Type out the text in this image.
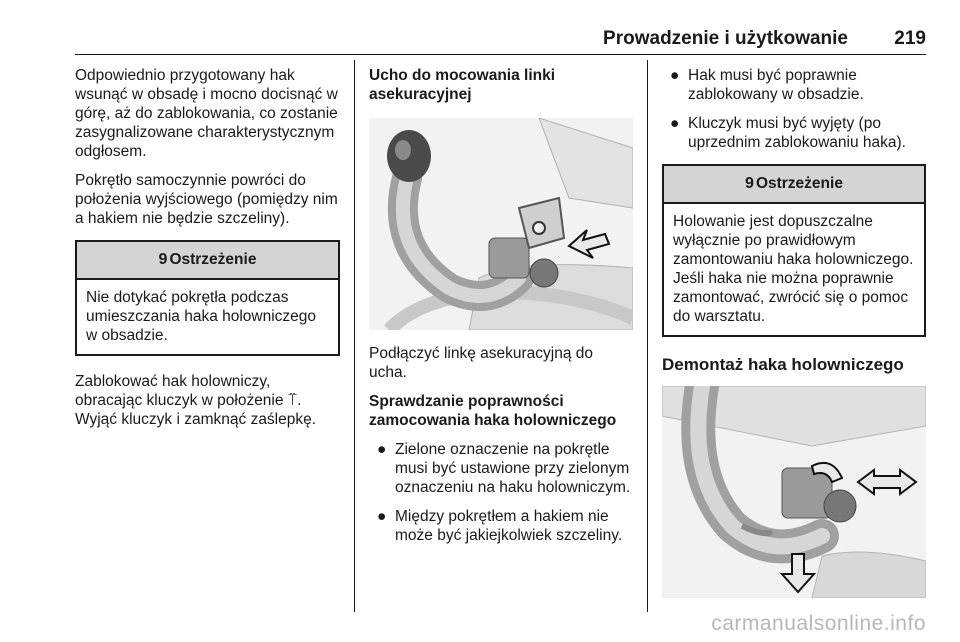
Prowadzenie i użytkowanie 219

Odpowiednio przygotowany hak wsunąć w obsadę i mocno docisnąć w górę, aż do zablokowania, co zostanie zasygnalizowane charakterystycznym odgłosem.

Pokrętło samoczynnie powróci do położenia wyjściowego (pomiędzy nim a hakiem nie będzie szczeliny).

9 Ostrzeżenie
Nie dotykać pokrętła podczas umieszczania haka holowniczego w obsadzie.

Zablokować hak holowniczy, obracając kluczyk w położenie ⍡. Wyjąć kluczyk i zamknąć zaślepkę.

Ucho do mocowania linki asekuracyjnej

Podłączyć linkę asekuracyjną do ucha.

Sprawdzanie poprawności zamocowania haka holowniczego
● Zielone oznaczenie na pokrętle musi być ustawione przy zielonym oznaczeniu na haku holowniczym.
● Między pokrętłem a hakiem nie może być jakiejkolwiek szczeliny.
● Hak musi być poprawnie zablokowany w obsadzie.
● Kluczyk musi być wyjęty (po uprzednim zablokowaniu haka).
9 Ostrzeżenie
Holowanie jest dopuszczalne wyłącznie po prawidłowym zamontowaniu haka holowniczego. Jeśli haka nie można poprawnie zamontować, zwrócić się o pomoc do warsztatu.
Demontaż haka holowniczego
carmanualsonline.info
